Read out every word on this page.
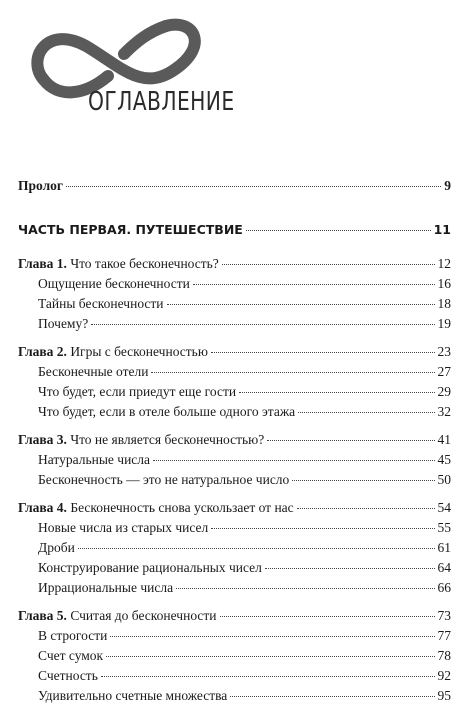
ОГЛАВЛЕНИЕ
Пролог	9
ЧАСТЬ ПЕРВАЯ. ПУТЕШЕСТВИЕ	11
Глава 1. Что такое бесконечность?	12
Ощущение бесконечности	16
Тайны бесконечности	18
Почему?	19
Глава 2. Игры с бесконечностью	23
Бесконечные отели	27
Что будет, если приедут еще гости	29
Что будет, если в отеле больше одного этажа	32
Глава 3. Что не является бесконечностью?	41
Натуральные числа	45
Бесконечность — это не натуральное число	50
Глава 4. Бесконечность снова ускользает от нас	54
Новые числа из старых чисел	55
Дроби	61
Конструирование рациональных чисел	64
Иррациональные числа	66
Глава 5. Считая до бесконечности	73
В строгости	77
Счет сумок	78
Счетность	92
Удивительно счетные множества	95
